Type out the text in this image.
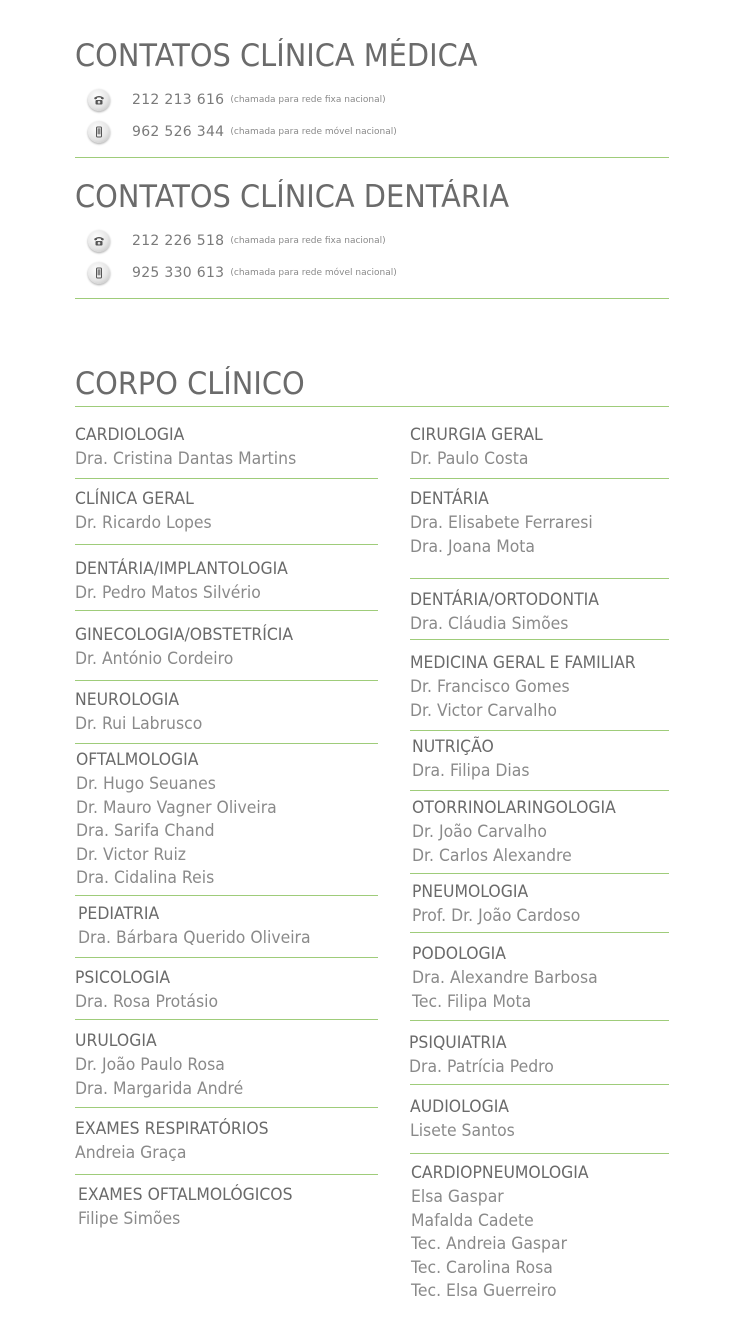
CONTATOS CLÍNICA MÉDICA
212 213 616 (chamada para rede fixa nacional)
962 526 344 (chamada para rede móvel nacional)
CONTATOS CLÍNICA DENTÁRIA
212 226 518 (chamada para rede fixa nacional)
925 330 613 (chamada para rede móvel nacional)
CORPO CLÍNICO
CARDIOLOGIA
Dra. Cristina Dantas Martins
CLÍNICA GERAL
Dr. Ricardo Lopes
DENTÁRIA/IMPLANTOLOGIA
Dr. Pedro Matos Silvério
GINECOLOGIA/OBSTETRÍCIA
Dr. António Cordeiro
NEUROLOGIA
Dr. Rui Labrusco
OFTALMOLOGIA
Dr. Hugo Seuanes
Dr. Mauro Vagner Oliveira
Dra. Sarifa Chand
Dr. Victor Ruiz
Dra. Cidalina Reis
PEDIATRIA
Dra. Bárbara Querido Oliveira
PSICOLOGIA
Dra. Rosa Protásio
URULOGIA
Dr. João Paulo Rosa
Dra. Margarida André
EXAMES RESPIRATÓRIOS
Andreia Graça
EXAMES OFTALMOLÓGICOS
Filipe Simões
CIRURGIA GERAL
Dr. Paulo Costa
DENTÁRIA
Dra. Elisabete Ferraresi
Dra. Joana Mota
DENTÁRIA/ORTODONTIA
Dra. Cláudia Simões
MEDICINA GERAL E FAMILIAR
Dr. Francisco Gomes
Dr. Victor Carvalho
NUTRIÇÃO
Dra. Filipa Dias
OTORRINOLARINGOLOGIA
Dr. João Carvalho
Dr. Carlos Alexandre
PNEUMOLOGIA
Prof. Dr. João Cardoso
PODOLOGIA
Dra. Alexandre Barbosa
Tec. Filipa Mota
PSIQUIATRIA
Dra. Patrícia Pedro
AUDIOLOGIA
Lisete Santos
CARDIOPNEUMOLOGIA
Elsa Gaspar
Mafalda Cadete
Tec. Andreia Gaspar
Tec. Carolina Rosa
Tec. Elsa Guerreiro
